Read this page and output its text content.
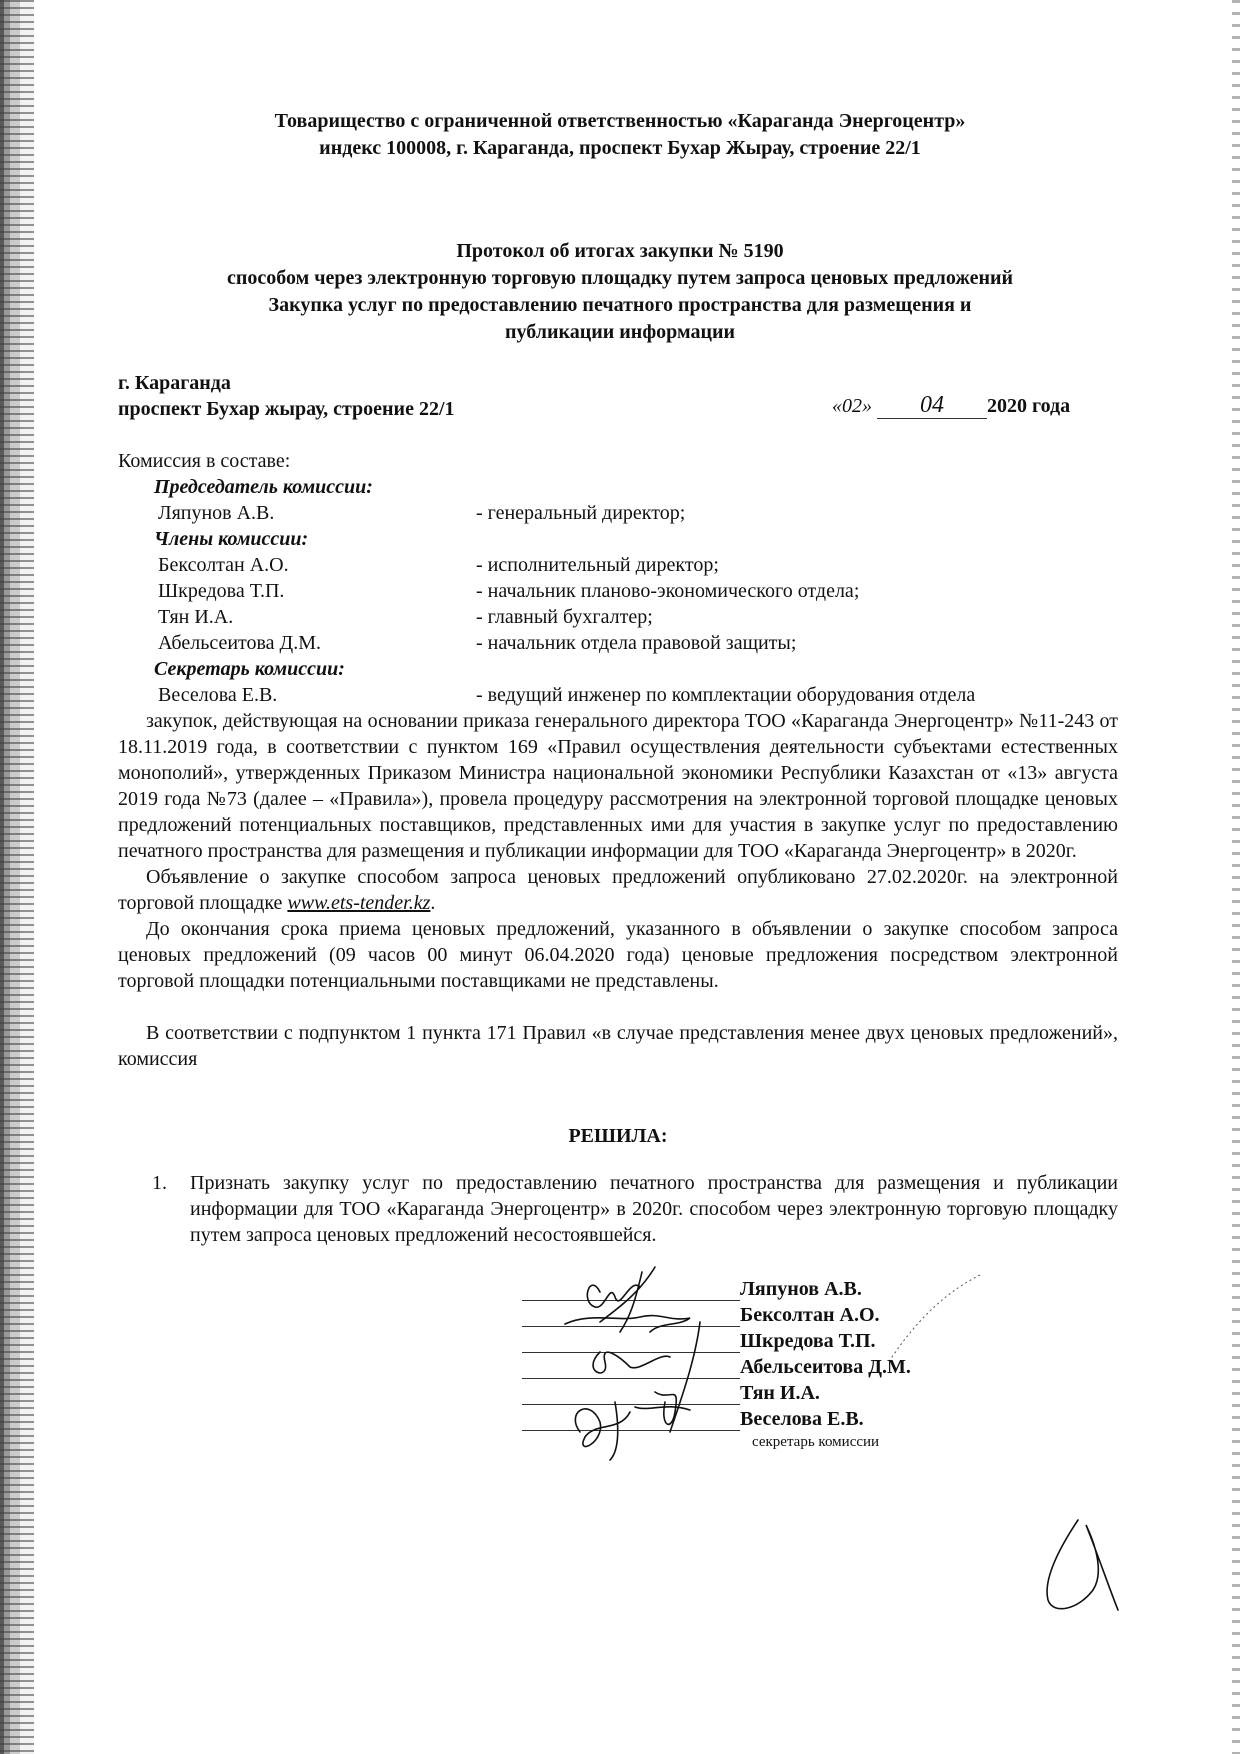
Товарищество с ограниченной ответственностью «Караганда Энергоцентр»
индекс 100008, г. Караганда, проспект Бухар Жырау, строение 22/1
Протокол об итогах закупки № 5190
способом через электронную торговую площадку путем запроса ценовых предложений
Закупка услуг по предоставлению печатного пространства для размещения и
публикации информации
г. Караганда
проспект Бухар жырау, строение 22/1	«02» 04 2020 года
Комиссия в составе:
Председатель комиссии:
Ляпунов А.В.	- генеральный директор;
Члены комиссии:
Бексолтан А.О.	- исполнительный директор;
Шкредова Т.П.	- начальник планово-экономического отдела;
Тян И.А.	- главный бухгалтер;
Абельсеитова Д.М.	- начальник отдела правовой защиты;
Секретарь комиссии:
Веселова Е.В.	- ведущий инженер по комплектации оборудования отдела

закупок, действующая на основании приказа генерального директора ТОО «Караганда Энергоцентр» №11-243 от 18.11.2019 года, в соответствии с пунктом 169 «Правил осуществления деятельности субъектами естественных монополий», утвержденных Приказом Министра национальной экономики Республики Казахстан от «13» августа 2019 года №73 (далее – «Правила»), провела процедуру рассмотрения на электронной торговой площадке ценовых предложений потенциальных поставщиков, представленных ими для участия в закупке услуг по предоставлению печатного пространства для размещения и публикации информации для ТОО «Караганда Энергоцентр» в 2020г.

Объявление о закупке способом запроса ценовых предложений опубликовано 27.02.2020г. на электронной торговой площадке www.ets-tender.kz.

До окончания срока приема ценовых предложений, указанного в объявлении о закупке способом запроса ценовых предложений (09 часов 00 минут 06.04.2020 года) ценовые предложения посредством электронной торговой площадки потенциальными поставщиками не представлены.

В соответствии с подпунктом 1 пункта 171 Правил «в случае представления менее двух ценовых предложений», комиссия

РЕШИЛА:
1. Признать закупку услуг по предоставлению печатного пространства для размещения и публикации информации для ТОО «Караганда Энергоцентр» в 2020г. способом через электронную торговую площадку путем запроса ценовых предложений несостоявшейся.
Ляпунов А.В.
Бексолтан А.О.
Шкредова Т.П.
Абельсеитова Д.М.
Тян И.А.
Веселова Е.В.
секретарь комиссии
